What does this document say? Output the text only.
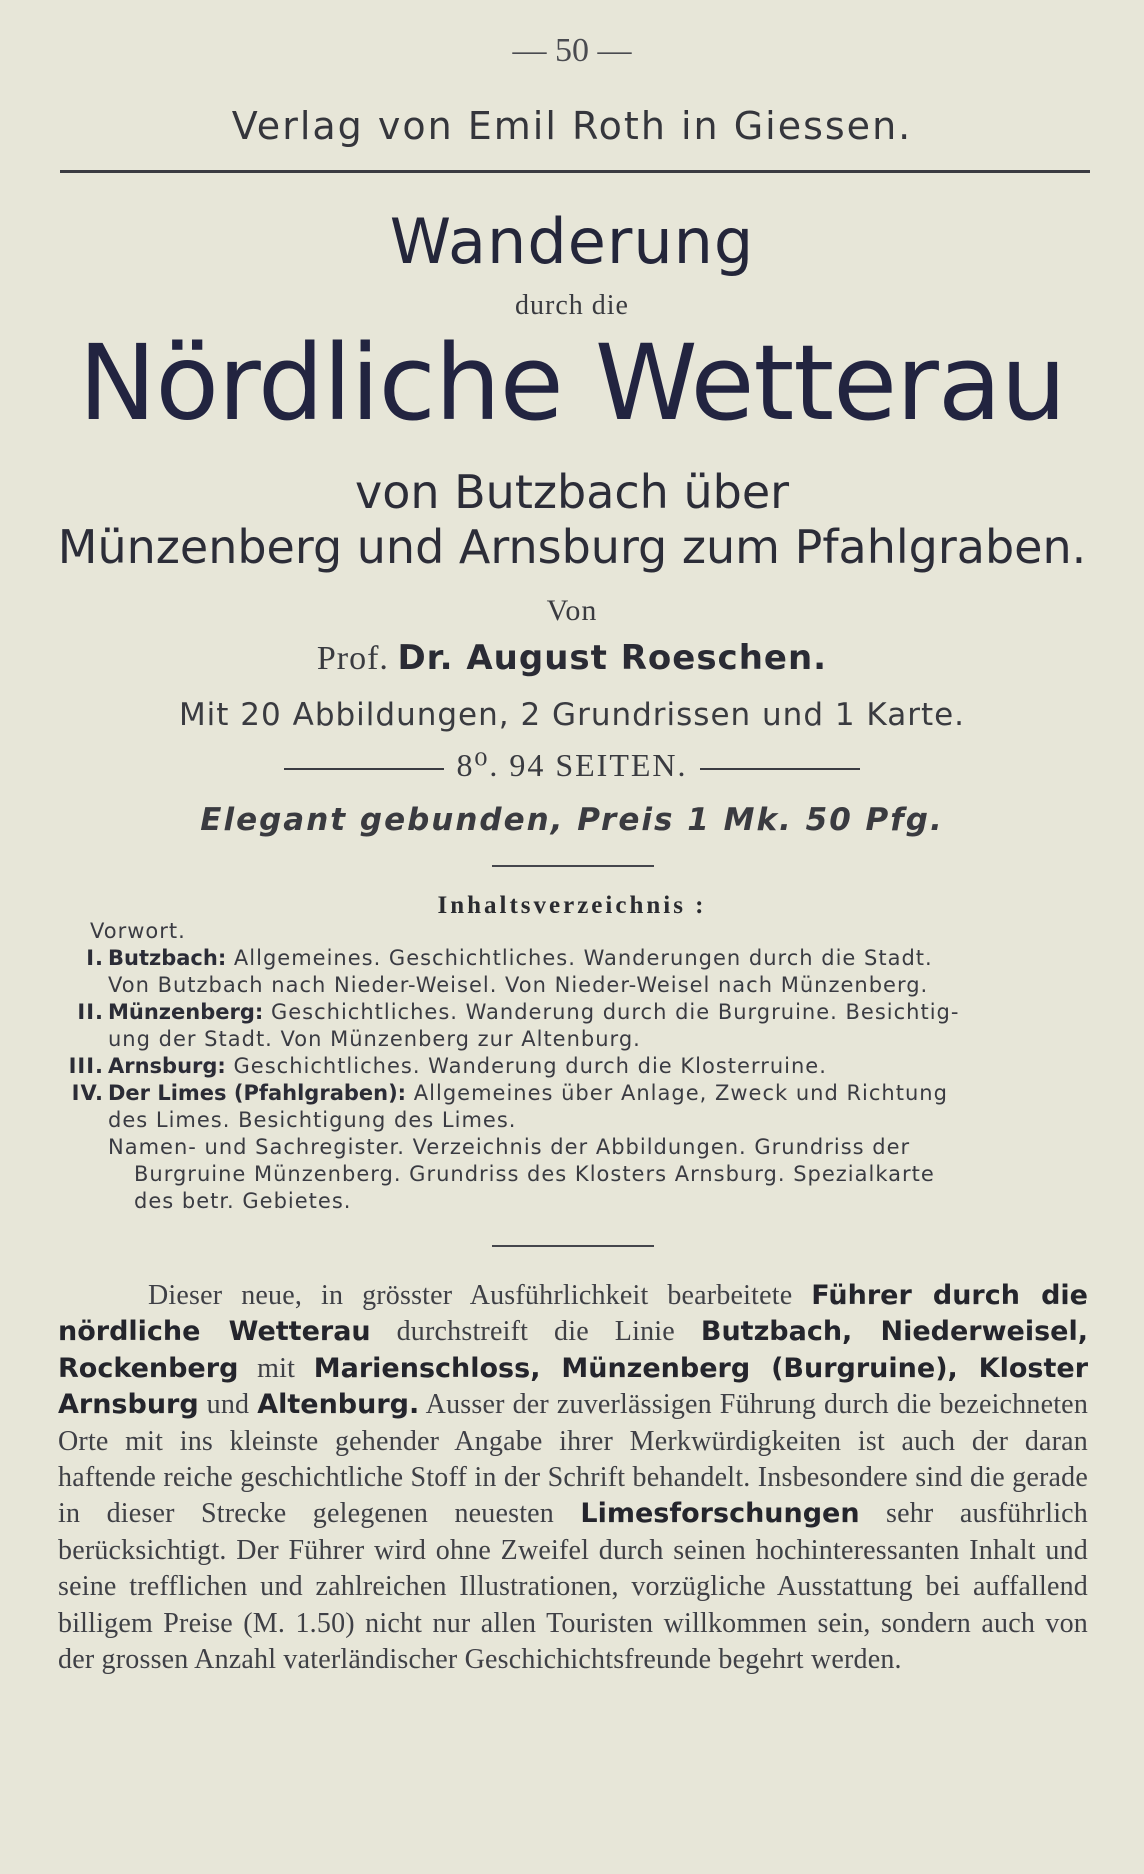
— 50 —
Verlag von Emil Roth in Giessen.
Wanderung
durch die
Nördliche Wetterau
von Butzbach über
Münzenberg und Arnsburg zum Pfahlgraben.
Von
Prof. Dr. August Roeschen.
Mit 20 Abbildungen, 2 Grundrissen und 1 Karte.
8⁰. 94 SEITEN.
Elegant gebunden, Preis 1 Mk. 50 Pfg.
Inhaltsverzeichnis :
Vorwort.
I. Butzbach: Allgemeines. Geschichtliches. Wanderungen durch die Stadt.
Von Butzbach nach Nieder-Weisel. Von Nieder-Weisel nach Münzenberg.
II. Münzenberg: Geschichtliches. Wanderung durch die Burgruine. Besichtig-
ung der Stadt. Von Münzenberg zur Altenburg.
III. Arnsburg: Geschichtliches. Wanderung durch die Klosterruine.
IV. Der Limes (Pfahlgraben): Allgemeines über Anlage, Zweck und Richtung
des Limes. Besichtigung des Limes.
Namen- und Sachregister. Verzeichnis der Abbildungen. Grundriss der
Burgruine Münzenberg. Grundriss des Klosters Arnsburg. Spezialkarte
des betr. Gebietes.
Dieser neue, in grösster Ausführlichkeit bearbeitete Führer durch die nördliche Wetterau durchstreift die Linie Butzbach, Niederweisel, Rockenberg mit Marienschloss, Münzenberg (Burgruine), Kloster Arnsburg und Altenburg. Ausser der zuverlässigen Führung durch die bezeichneten Orte mit ins kleinste gehender Angabe ihrer Merkwürdigkeiten ist auch der daran haftende reiche geschichtliche Stoff in der Schrift behandelt. Insbesondere sind die gerade in dieser Strecke gelegenen neuesten Limesforschungen sehr ausführlich berücksichtigt. Der Führer wird ohne Zweifel durch seinen hochinteressanten Inhalt und seine trefflichen und zahlreichen Illustrationen, vorzügliche Ausstattung bei auffallend billigem Preise (M. 1.50) nicht nur allen Touristen willkommen sein, sondern auch von der grossen Anzahl vaterländischer Geschichichtsfreunde begehrt werden.
